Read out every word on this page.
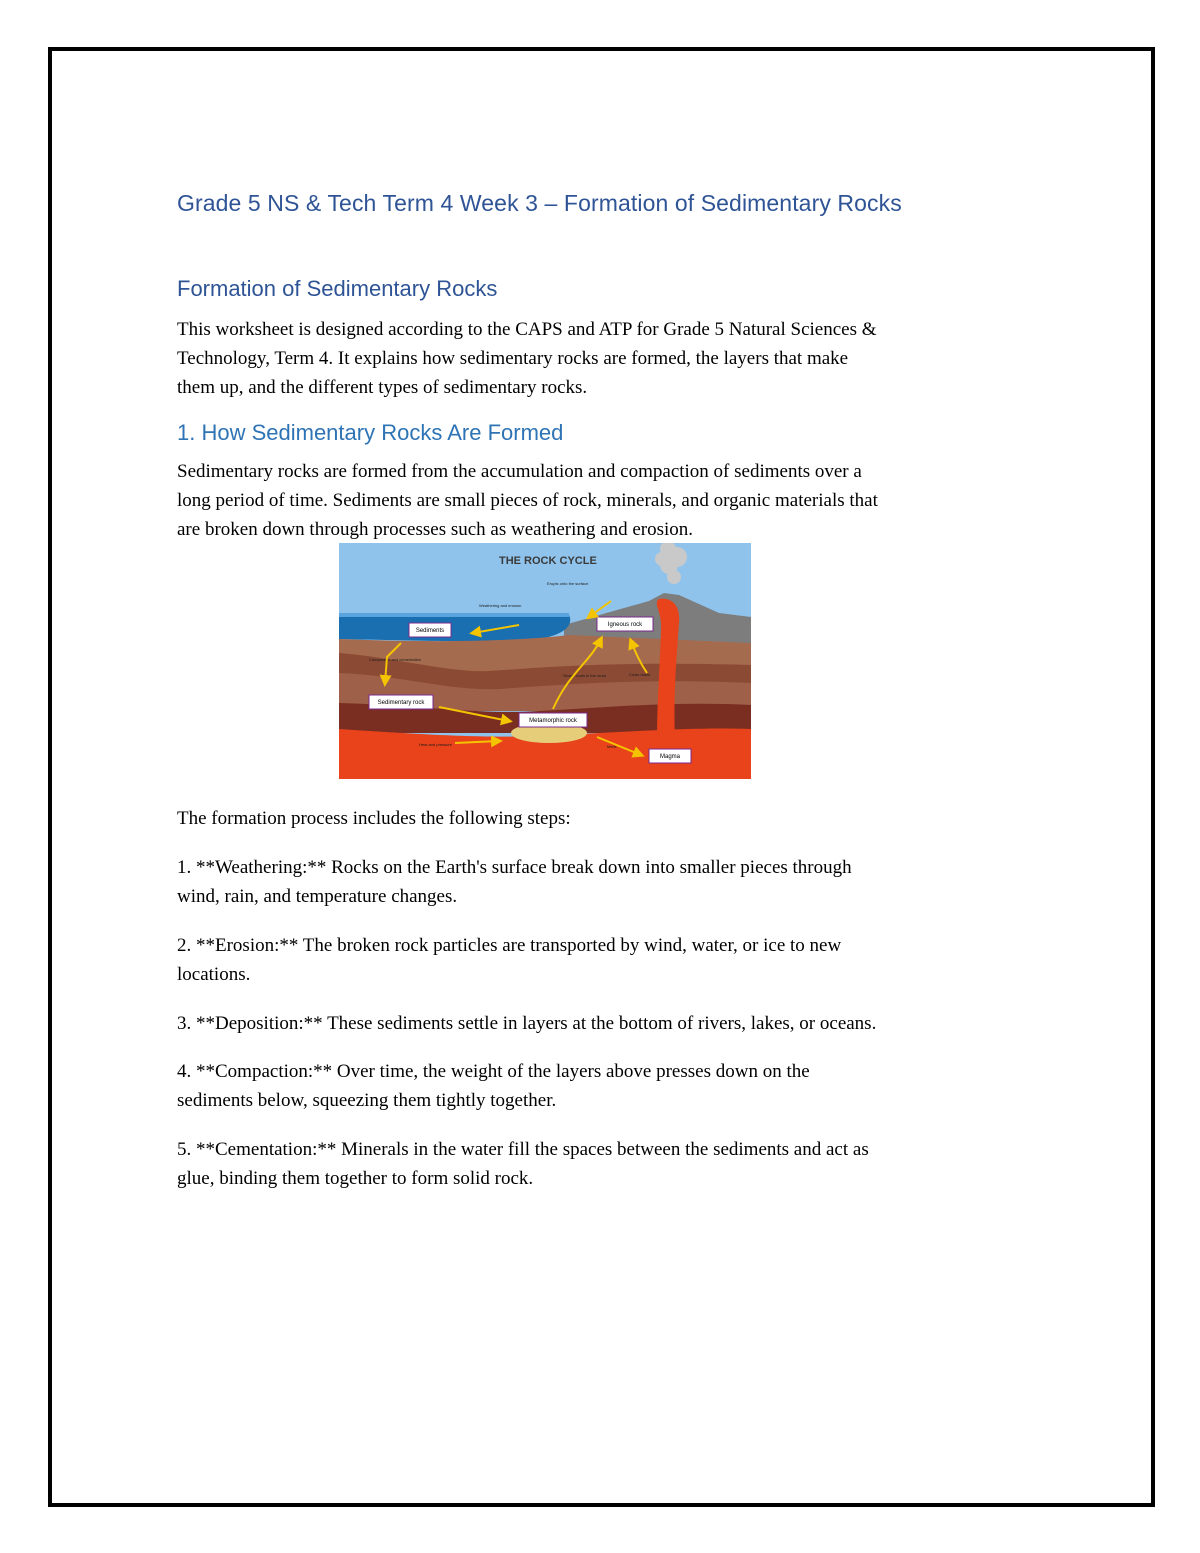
Grade 5 NS & Tech Term 4 Week 3 – Formation of Sedimentary Rocks
Formation of Sedimentary Rocks

This worksheet is designed according to the CAPS and ATP for Grade 5 Natural Sciences &
Technology, Term 4. It explains how sedimentary rocks are formed, the layers that make
them up, and the different types of sedimentary rocks.

1. How Sedimentary Rocks Are Formed

Sedimentary rocks are formed from the accumulation and compaction of sediments over a
long period of time. Sediments are small pieces of rock, minerals, and organic materials that
are broken down through processes such as weathering and erosion.

THE ROCK CYCLE
Sediments
Igneous rock
Sedimentary rock
Metamorphic rock
Magma
Erupts onto the surface
Weathering and erosion
Compaction and cementation
Slowly cools in the crust	Cools down
Heat and pressure	Melts

The formation process includes the following steps:

1. **Weathering:** Rocks on the Earth's surface break down into smaller pieces through
wind, rain, and temperature changes.

2. **Erosion:** The broken rock particles are transported by wind, water, or ice to new
locations.

3. **Deposition:** These sediments settle in layers at the bottom of rivers, lakes, or oceans.

4. **Compaction:** Over time, the weight of the layers above presses down on the
sediments below, squeezing them tightly together.

5. **Cementation:** Minerals in the water fill the spaces between the sediments and act as
glue, binding them together to form solid rock.
